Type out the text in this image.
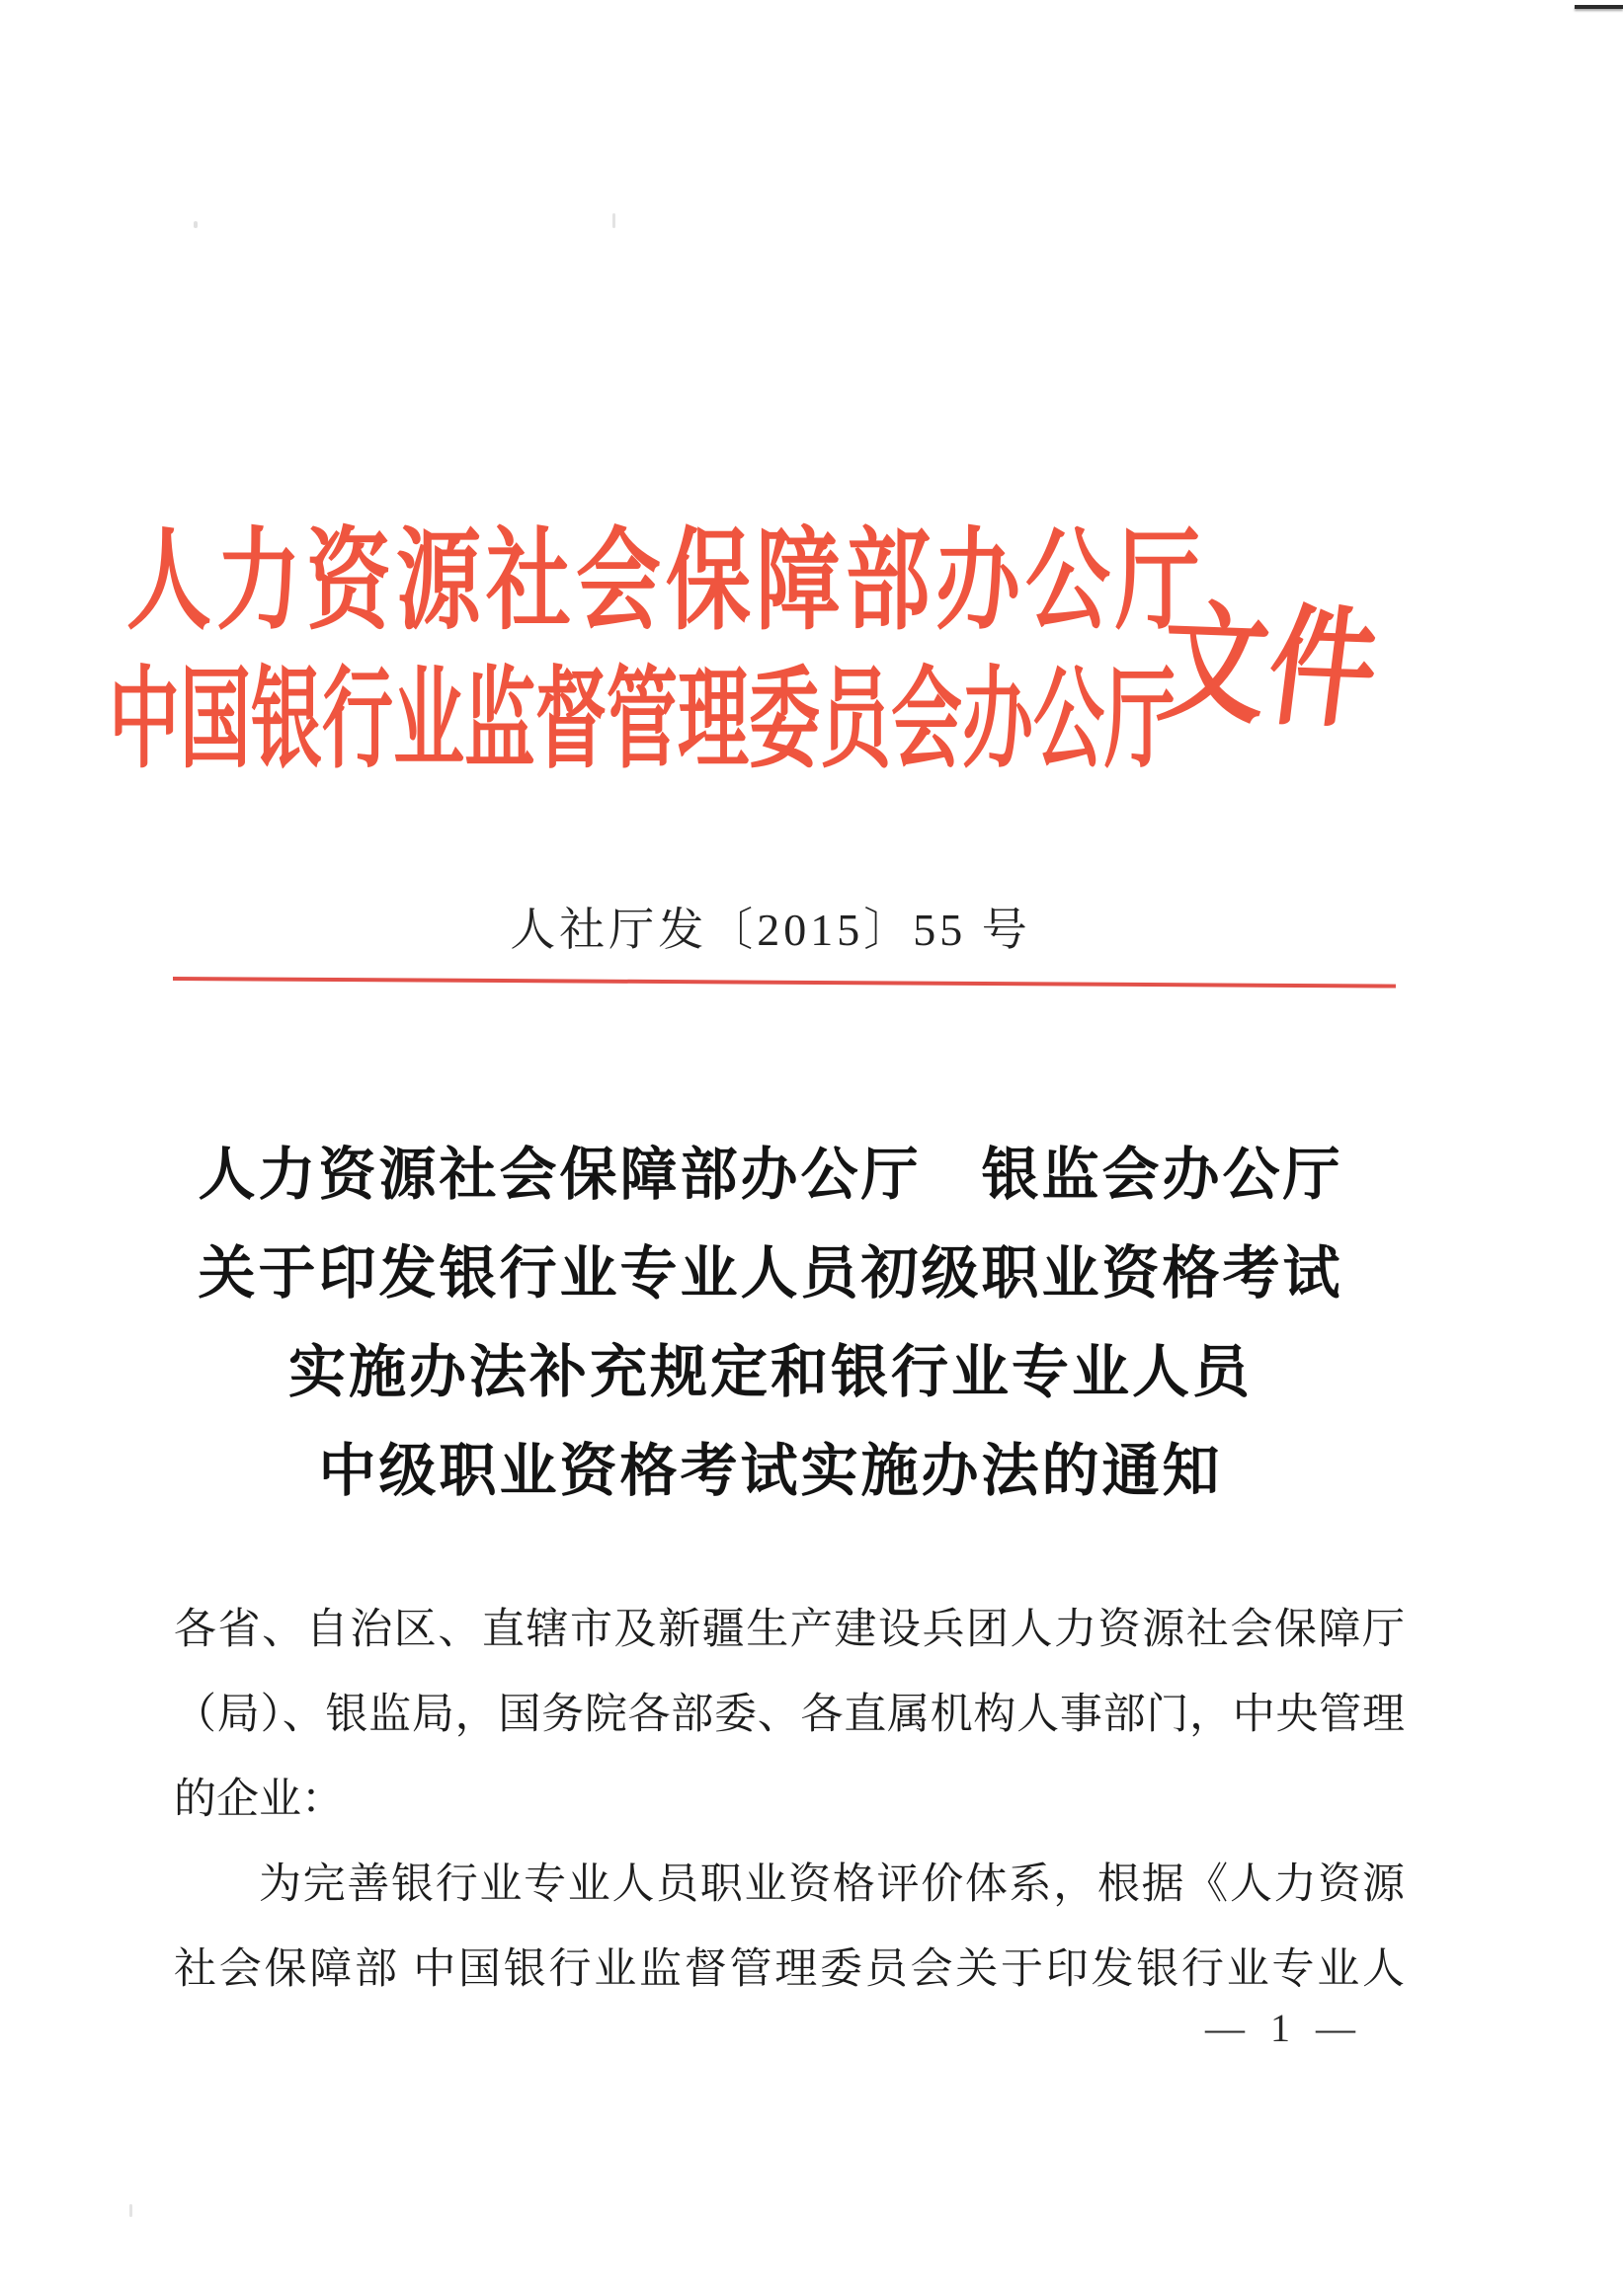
人力资源社会保障部办公厅
中国银行业监督管理委员会办公厅
文件
人社厅发〔2015〕55 号
人力资源社会保障部办公厅　银监会办公厅
关于印发银行业专业人员初级职业资格考试
实施办法补充规定和银行业专业人员
中级职业资格考试实施办法的通知
各省、自治区、直辖市及新疆生产建设兵团人力资源社会保障厅
（局）、银监局，国务院各部委、各直属机构人事部门，中央管理
的企业：
为完善银行业专业人员职业资格评价体系，根据《人力资源
社会保障部 中国银行业监督管理委员会关于印发银行业专业人
— 1 —
